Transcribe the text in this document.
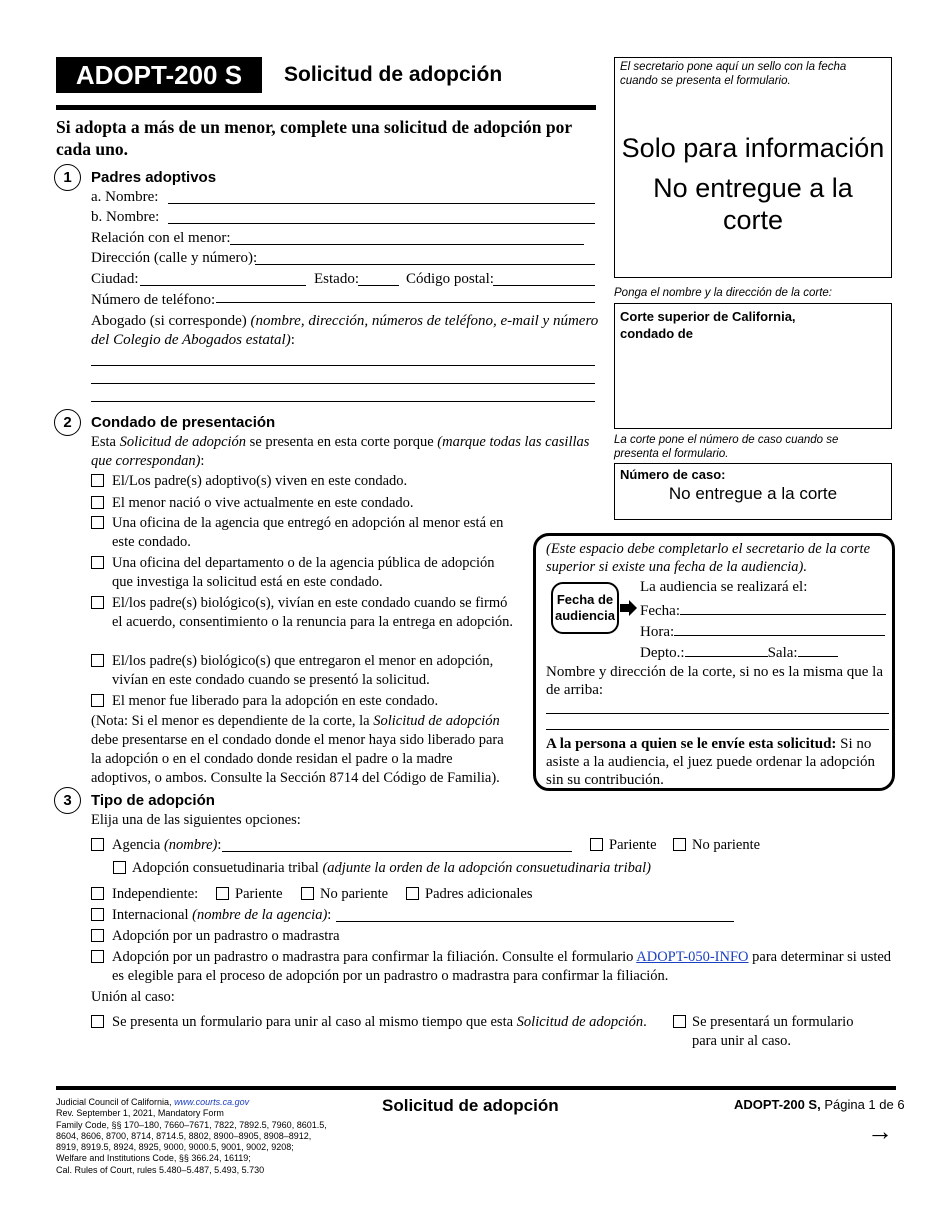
ADOPT-200 S	Solicitud de adopción
Si adopta a más de un menor, complete una solicitud de adopción por cada uno.
El secretario pone aquí un sello con la fecha cuando se presenta el formulario.
Solo para información
No entregue a la corte
Ponga el nombre y la dirección de la corte:
Corte superior de California,
condado de
La corte pone el número de caso cuando se presenta el formulario.
Número de caso:
No entregue a la corte
(Este espacio debe completarlo el secretario de la corte superior si existe una fecha de la audiencia).
Fecha de audiencia
La audiencia se realizará el:
Fecha:
Hora:
Depto.:	Sala:
Nombre y dirección de la corte, si no es la misma que la de arriba:
A la persona a quien se le envíe esta solicitud: Si no asiste a la audiencia, el juez puede ordenar la adopción sin su contribución.
1	Padres adoptivos
a. Nombre:
b. Nombre:
Relación con el menor:
Dirección (calle y número):
Ciudad:	Estado:	Código postal:
Número de teléfono:
Abogado (si corresponde) (nombre, dirección, números de teléfono, e-mail y número del Colegio de Abogados estatal):
2	Condado de presentación
Esta Solicitud de adopción se presenta en esta corte porque (marque todas las casillas que correspondan):
El/Los padre(s) adoptivo(s) viven en este condado.
El menor nació o vive actualmente en este condado.
Una oficina de la agencia que entregó en adopción al menor está en este condado.
Una oficina del departamento o de la agencia pública de adopción que investiga la solicitud está en este condado.
El/los padre(s) biológico(s), vivían en este condado cuando se firmó el acuerdo, consentimiento o la renuncia para la entrega en adopción.
El/los padre(s) biológico(s) que entregaron el menor en adopción, vivían en este condado cuando se presentó la solicitud.
El menor fue liberado para la adopción en este condado.
(Nota: Si el menor es dependiente de la corte, la Solicitud de adopción debe presentarse en el condado donde el menor haya sido liberado para la adopción o en el condado donde residan el padre o la madre adoptivos, o ambos. Consulte la Sección 8714 del Código de Familia).
3	Tipo de adopción
Elija una de las siguientes opciones:
Agencia (nombre):	Pariente No pariente
Adopción consuetudinaria tribal (adjunte la orden de la adopción consuetudinaria tribal)
Independiente:	Pariente	No pariente	Padres adicionales
Internacional (nombre de la agencia):
Adopción por un padrastro o madrastra
Adopción por un padrastro o madrastra para confirmar la filiación. Consulte el formulario ADOPT-050-INFO para determinar si usted es elegible para el proceso de adopción por un padrastro o madrastra para confirmar la filiación.
Unión al caso:
Se presenta un formulario para unir al caso al mismo tiempo que esta Solicitud de adopción.	Se presentará un formulario para unir al caso.
Judicial Council of California, www.courts.ca.gov
Rev. September 1, 2021, Mandatory Form
Family Code, §§ 170–180, 7660–7671, 7822, 7892.5, 7960, 8601.5,
8604, 8606, 8700, 8714, 8714.5, 8802, 8900–8905, 8908–8912,
8919, 8919.5, 8924, 8925, 9000, 9000.5, 9001, 9002, 9208;
Welfare and Institutions Code, §§ 366.24, 16119;
Cal. Rules of Court, rules 5.480–5.487, 5.493, 5.730
Solicitud de adopción	ADOPT-200 S, Página 1 de 6
→
